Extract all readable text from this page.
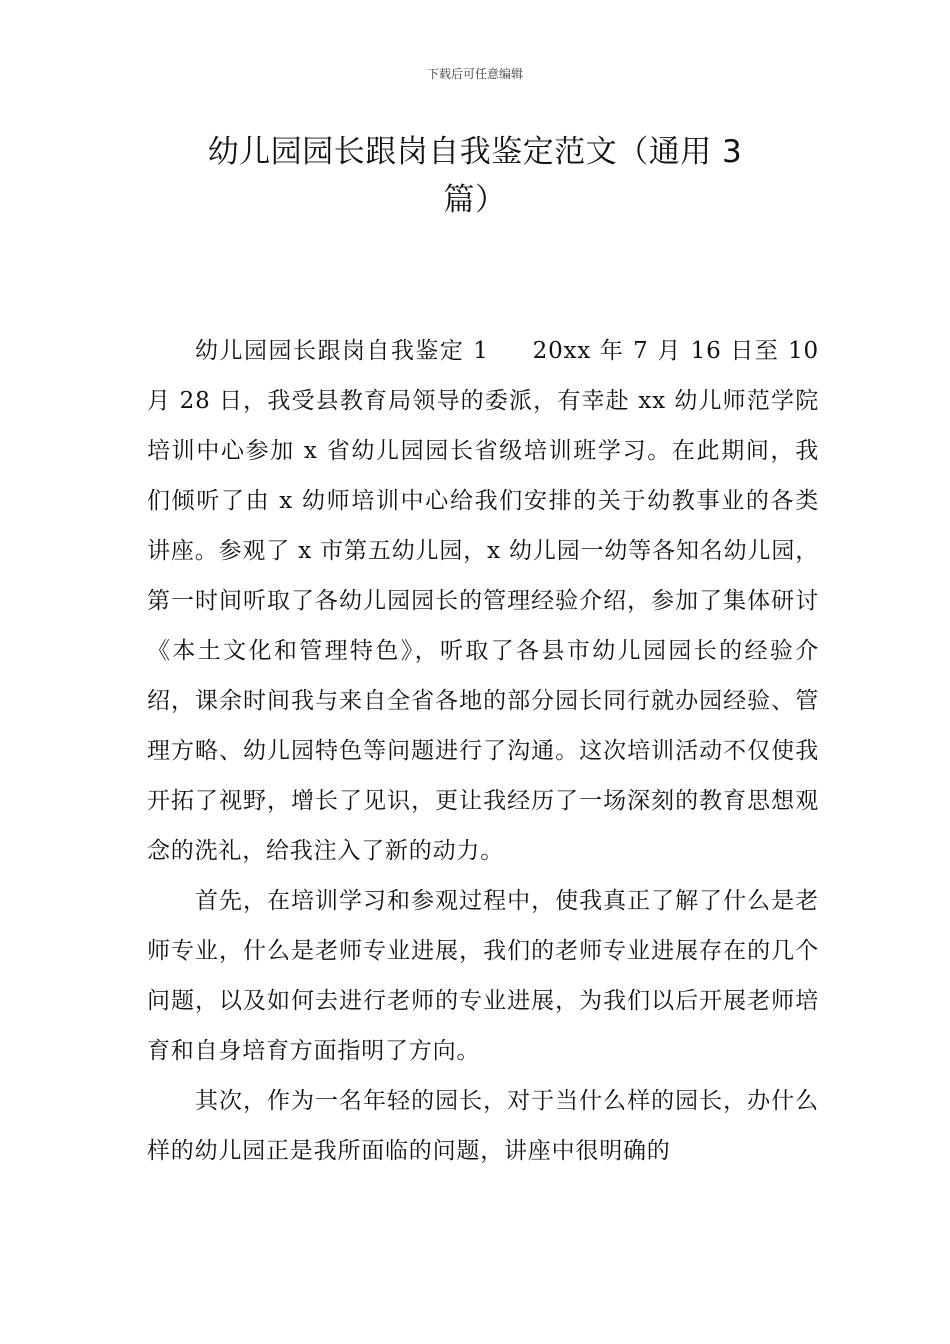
下载后可任意编辑
幼儿园园长跟岗自我鉴定范文（通用 3
篇）

幼儿园园长跟岗自我鉴定 1 20xx 年 7 月 16 日至 10 月 28 日，我受县教育局领导的委派，有幸赴 xx 幼儿师范学院培训中心参加 x 省幼儿园园长省级培训班学习。在此期间，我们倾听了由 x 幼师培训中心给我们安排的关于幼教事业的各类讲座。参观了 x 市第五幼儿园，x 幼儿园一幼等各知名幼儿园，第一时间听取了各幼儿园园长的管理经验介绍，参加了集体研讨《本土文化和管理特色》，听取了各县市幼儿园园长的经验介绍，课余时间我与来自全省各地的部分园长同行就办园经验、管理方略、幼儿园特色等问题进行了沟通。这次培训活动不仅使我开拓了视野，增长了见识，更让我经历了一场深刻的教育思想观念的洗礼，给我注入了新的动力。

首先，在培训学习和参观过程中，使我真正了解了什么是老师专业，什么是老师专业进展，我们的老师专业进展存在的几个问题，以及如何去进行老师的专业进展，为我们以后开展老师培育和自身培育方面指明了方向。

其次，作为一名年轻的园长，对于当什么样的园长，办什么样的幼儿园正是我所面临的问题，讲座中很明确的
